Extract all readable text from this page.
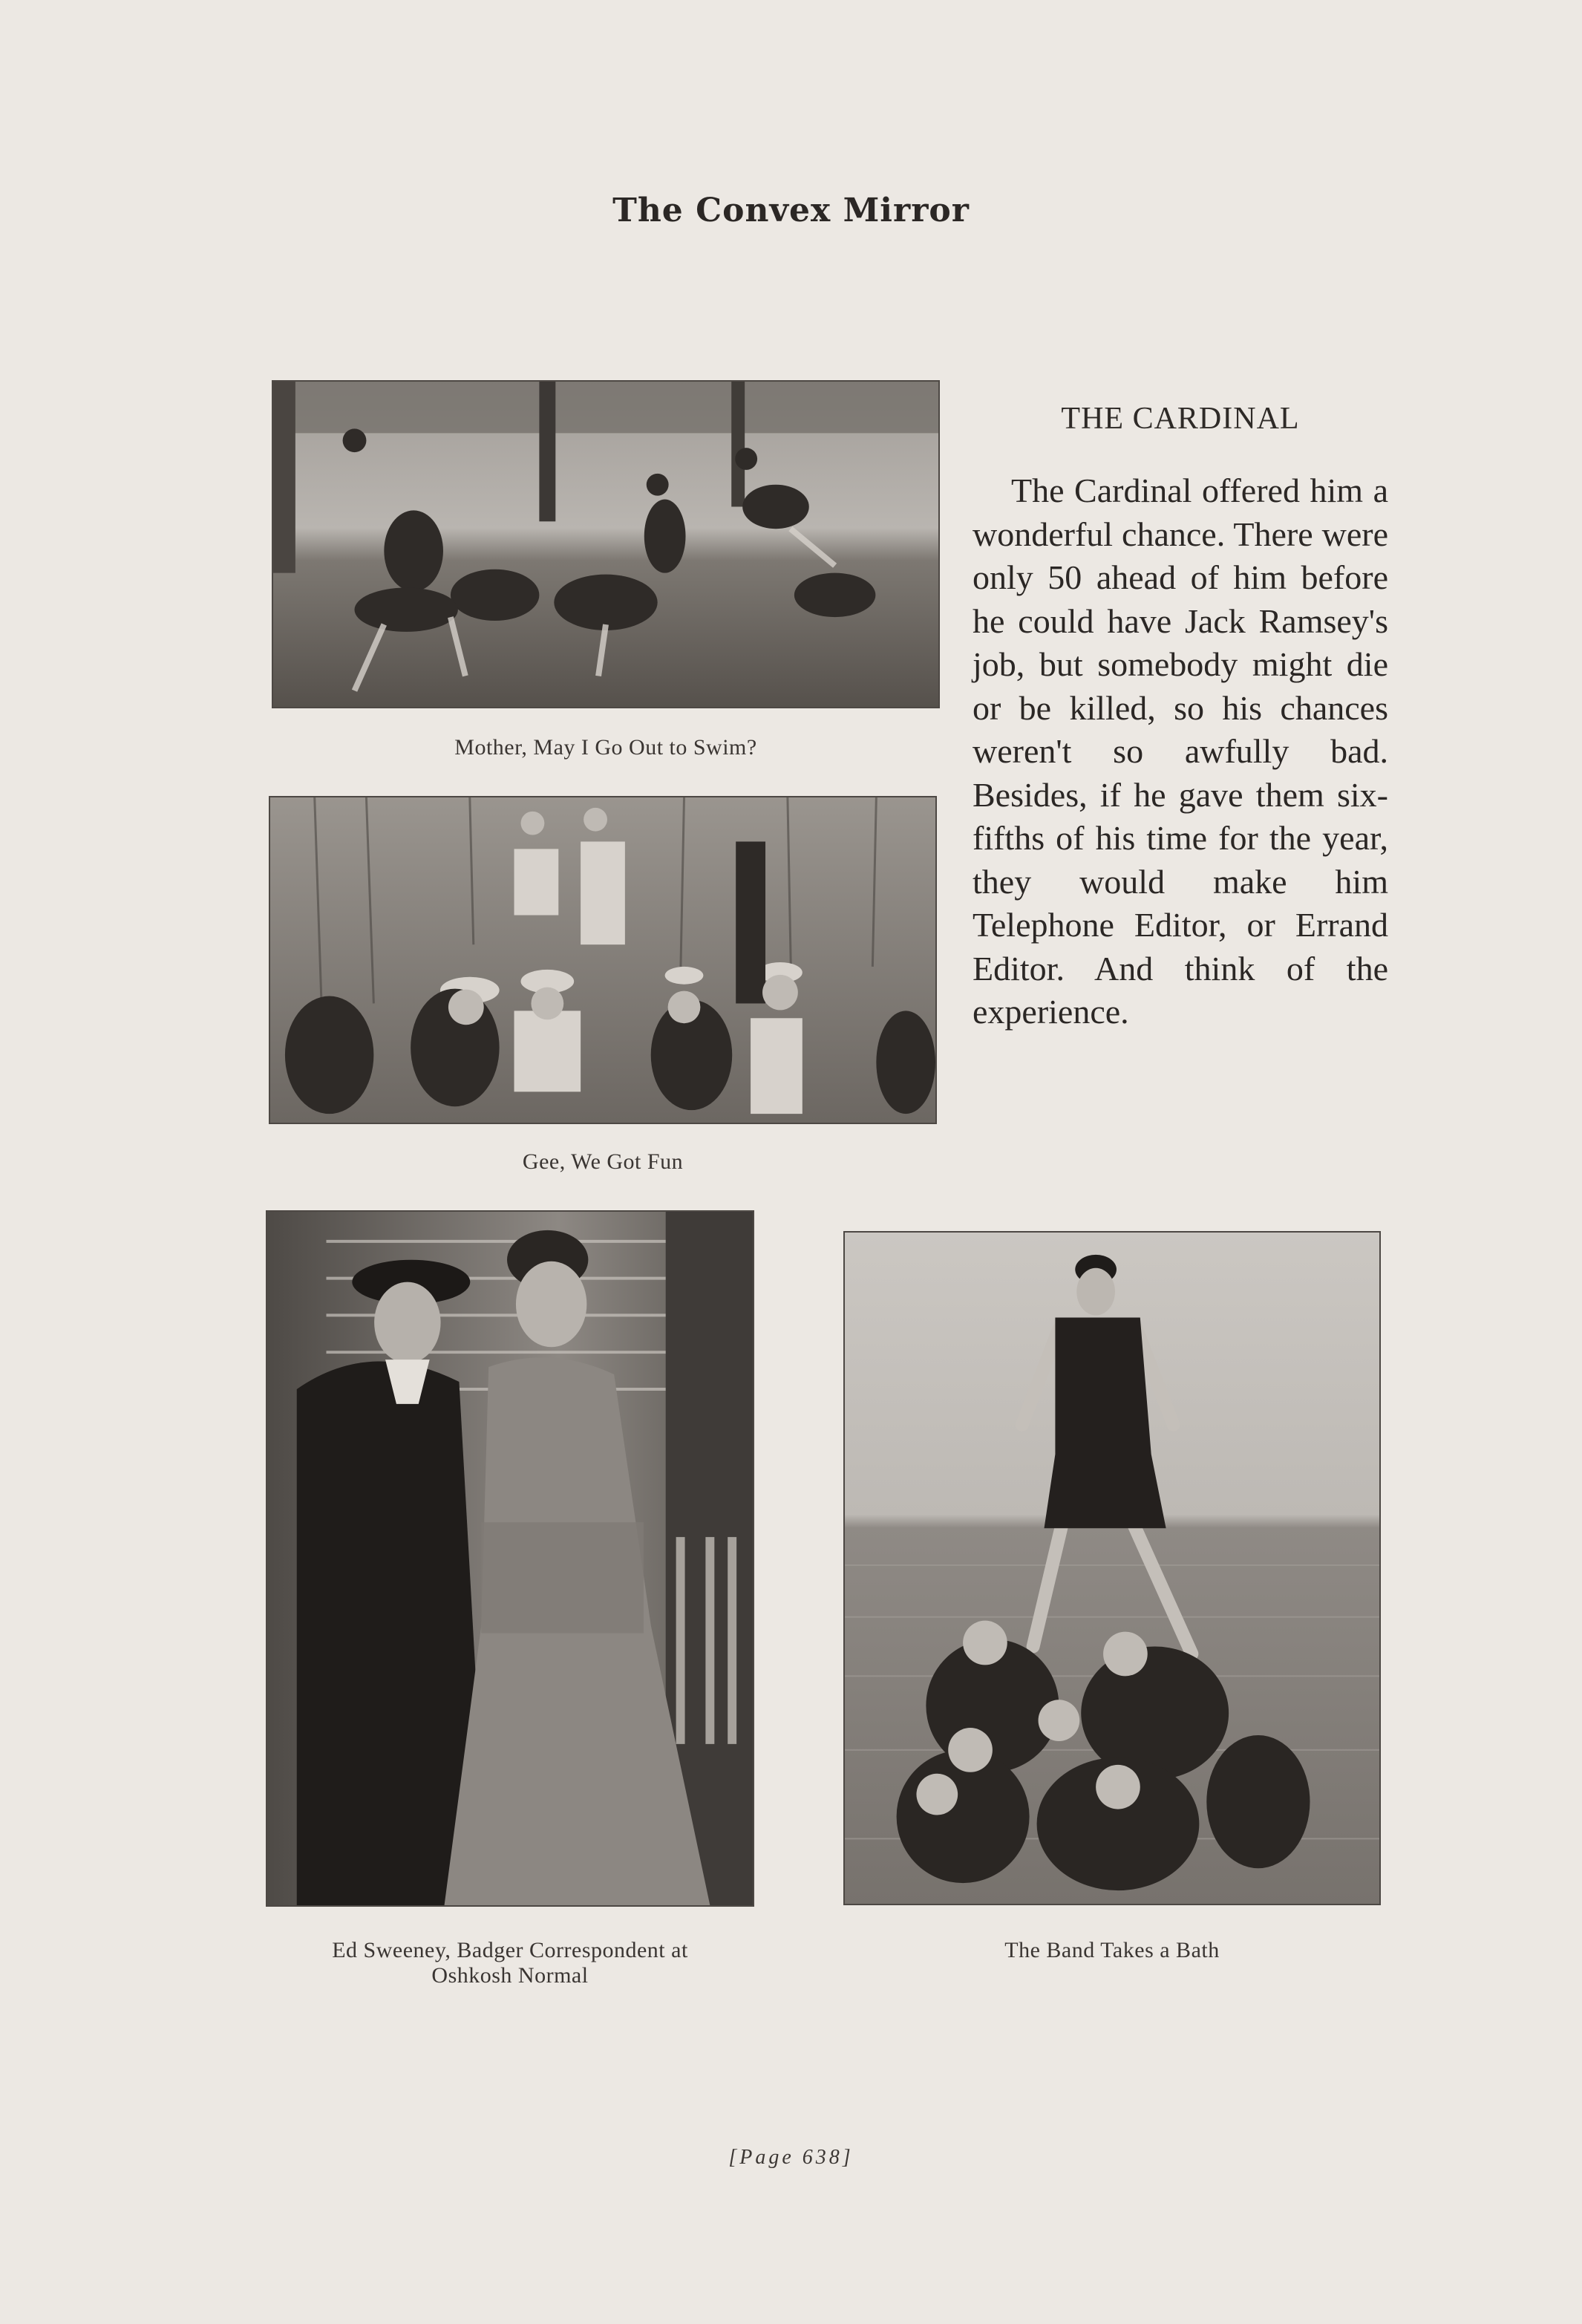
The Convex Mirror
Mother, May I Go Out to Swim?
Gee, We Got Fun
Ed Sweeney, Badger Correspondent at
Oshkosh Normal
The Band Takes a Bath
THE CARDINAL

The Cardinal offered him a wonderful chance. There were only 50 ahead of him before he could have Jack Ramsey's job, but somebody might die or be killed, so his chances weren't so awfully bad. Besides, if he gave them six-fifths of his time for the year, they would make him Telephone Editor, or Errand Editor. And think of the experience.

[Page 638]
